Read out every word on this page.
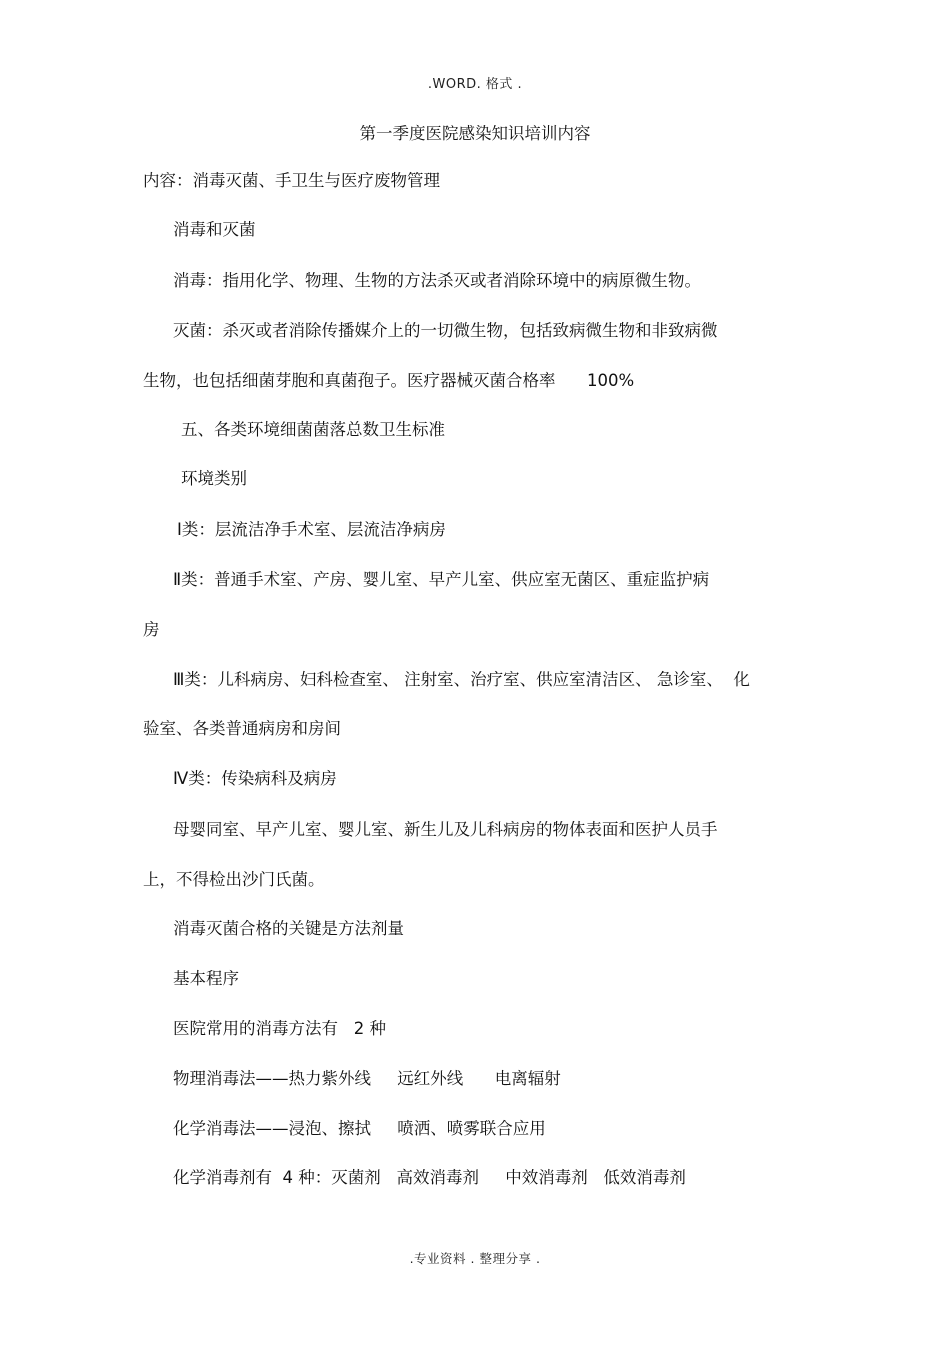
.WORD. 格式 .
第一季度医院感染知识培训内容
内容：消毒灭菌、手卫生与医疗废物管理
消毒和灭菌
消毒：指用化学、物理、生物的方法杀灭或者消除环境中的病原微生物。
灭菌：杀灭或者消除传播媒介上的一切微生物，包括致病微生物和非致病微
生物，也包括细菌芽胞和真菌孢子。医疗器械灭菌合格率      100%
五、各类环境细菌菌落总数卫生标准
环境类别
Ⅰ类：层流洁净手术室、层流洁净病房
Ⅱ类：普通手术室、产房、婴儿室、早产儿室、供应室无菌区、重症监护病
房
Ⅲ类：儿科病房、妇科检查室、 注射室、治疗室、供应室清洁区、 急诊室、  化
验室、各类普通病房和房间
Ⅳ类：传染病科及病房
母婴同室、早产儿室、婴儿室、新生儿及儿科病房的物体表面和医护人员手
上，不得检出沙门氏菌。
消毒灭菌合格的关键是方法剂量
基本程序
医院常用的消毒方法有   2 种
物理消毒法——热力紫外线     远红外线      电离辐射
化学消毒法——浸泡、擦拭     喷洒、喷雾联合应用
化学消毒剂有  4 种：灭菌剂   高效消毒剂     中效消毒剂   低效消毒剂
.专业资料 . 整理分享 .
